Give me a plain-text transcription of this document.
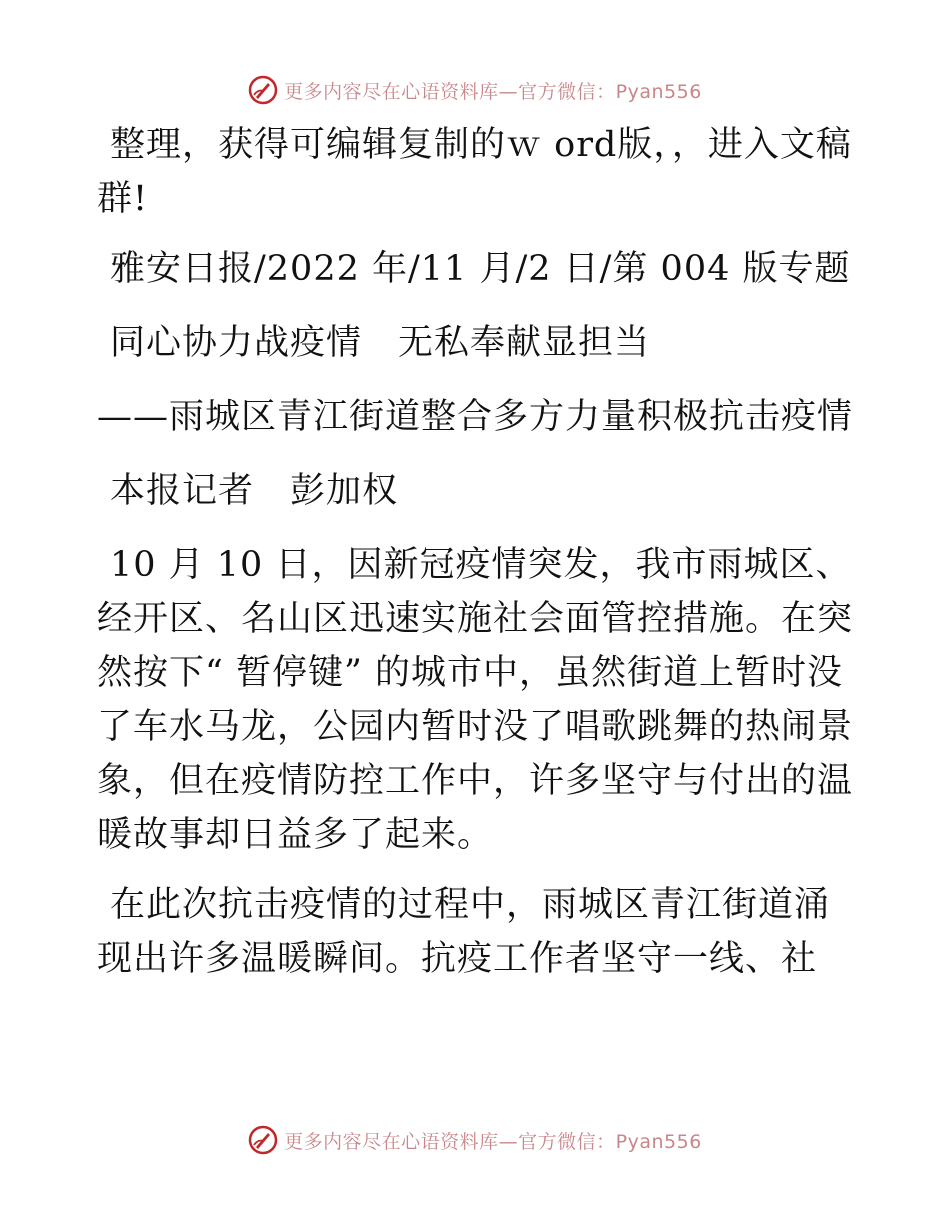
更多内容尽在心语资料库—官方微信：Pyan556

整理，获得可编辑复制的ｗ ord版，，进入文稿群!

雅安日报/2022 年/11 月/2 日/第 004 版专题

同心协力战疫情　无私奉献显担当

——雨城区青江街道整合多方力量积极抗击疫情

本报记者　彭加权

10 月 10 日，因新冠疫情突发，我市雨城区、经开区、名山区迅速实施社会面管控措施。在突然按下“ 暂停键” 的城市中，虽然街道上暂时没了车水马龙，公园内暂时没了唱歌跳舞的热闹景象，但在疫情防控工作中，许多坚守与付出的温暖故事却日益多了起来。

在此次抗击疫情的过程中，雨城区青江街道涌现出许多温暖瞬间。抗疫工作者坚守一线、社

更多内容尽在心语资料库—官方微信：Pyan556
